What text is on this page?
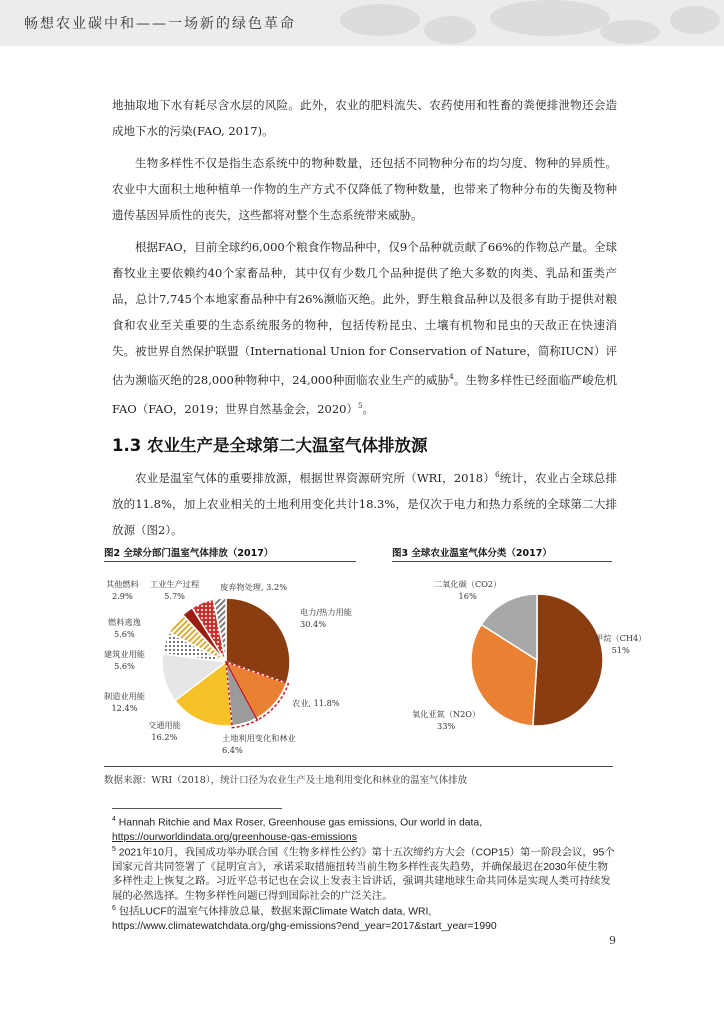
畅想农业碳中和——一场新的绿色革命

地抽取地下水有耗尽含水层的风险。此外，农业的肥料流失、农药使用和牲畜的粪便排泄物还会造成地下水的污染(FAO, 2017)。

生物多样性不仅是指生态系统中的物种数量，还包括不同物种分布的均匀度、物种的异质性。农业中大面积土地种植单一作物的生产方式不仅降低了物种数量，也带来了物种分布的失衡及物种遗传基因异质性的丧失，这些都将对整个生态系统带来威胁。

根据FAO，目前全球约6,000个粮食作物品种中，仅9个品种就贡献了66%的作物总产量。全球畜牧业主要依赖约40个家畜品种，其中仅有少数几个品种提供了绝大多数的肉类、乳品和蛋类产品，总计7,745个本地家畜品种中有26%濒临灭绝。此外，野生粮食品种以及很多有助于提供对粮食和农业至关重要的生态系统服务的物种，包括传粉昆虫、土壤有机物和昆虫的天敌正在快速消失。被世界自然保护联盟（International Union for Conservation of Nature，简称IUCN）评估为濒临灭绝的28,000种物种中，24,000种面临农业生产的威胁$^4$。生物多样性已经面临严峻危机FAO（FAO，2019；世界自然基金会，2020）$^5$。

1.3 农业生产是全球第二大温室气体排放源

农业是温室气体的重要排放源，根据世界资源研究所（WRI，2018）$^6$统计，农业占全球总排放的11.8%，加上农业相关的土地利用变化共计18.3%，是仅次于电力和热力系统的全球第二大排放源（图2）。

图2 全球分部门温室气体排放（2017）	图3 全球农业温室气体分类（2017）
电力/热力用能
30.4%
农业, 11.8%
土地利用变化和林业
6.4%
交通用能
16.2%
制造业用能
12.4%
建筑业用能
5.6%
燃料逃逸
5.6%
其他燃料
2.9%
工业生产过程
5.7%
废弃物处理, 3.2%
甲烷（CH4）
51%
氧化亚氮（N2O）
33%
二氧化碳（CO2）
16%
数据来源：WRI（2018），统计口径为农业生产及土地利用变化和林业的温室气体排放

$^4$ Hannah Ritchie and Max Roser, Greenhouse gas emissions, Our world in data,
https://ourworldindata.org/greenhouse-gas-emissions

$^5$ 2021年10月，我国成功举办联合国《生物多样性公约》第十五次缔约方大会（COP15）第一阶段会议，95个国家元首共同签署了《昆明宣言》，承诺采取措施扭转当前生物多样性丧失趋势，并确保最迟在2030年使生物多样性走上恢复之路。习近平总书记也在会议上发表主旨讲话，强调共建地球生命共同体是实现人类可持续发展的必然选择。生物多样性问题已得到国际社会的广泛关注。

$^6$ 包括LUCF的温室气体排放总量，数据来源Climate Watch data, WRI,
https://www.climatewatchdata.org/ghg-emissions?end_year=2017&start_year=1990

9
